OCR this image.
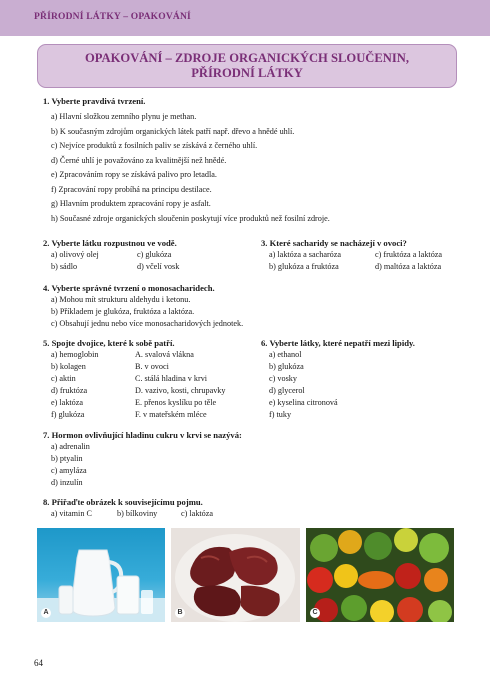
PŘÍRODNÍ LÁTKY – OPAKOVÁNÍ
OPAKOVÁNÍ – ZDROJE ORGANICKÝCH SLOUČENIN,
PŘÍRODNÍ LÁTKY
1. Vyberte pravdivá tvrzení.
a) Hlavní složkou zemního plynu je methan.
b) K současným zdrojům organických látek patří např. dřevo a hnědé uhlí.
c) Nejvíce produktů z fosilních paliv se získává z černého uhlí.
d) Černé uhlí je považováno za kvalitnější než hnědé.
e) Zpracováním ropy se získává palivo pro letadla.
f) Zpracování ropy probíhá na principu destilace.
g) Hlavním produktem zpracování ropy je asfalt.
h) Současné zdroje organických sloučenin poskytují více produktů než fosilní zdroje.
2. Vyberte látku rozpustnou ve vodě.
a) olivový olej	c) glukóza
b) sádlo	d) včelí vosk
3. Které sacharidy se nacházejí v ovoci?
a) laktóza a sacharóza	c) fruktóza a laktóza
b) glukóza a fruktóza	d) maltóza a laktóza
4. Vyberte správné tvrzení o monosacharidech.
a) Mohou mít strukturu aldehydu i ketonu.
b) Příkladem je glukóza, fruktóza a laktóza.
c) Obsahují jednu nebo více monosacharidových jednotek.
5. Spojte dvojice, které k sobě patří.
a) hemoglobin	A. svalová vlákna
b) kolagen	B. v ovoci
c) aktin	C. stálá hladina v krvi
d) fruktóza	D. vazivo, kosti, chrupavky
e) laktóza	E. přenos kyslíku po těle
f) glukóza	F. v mateřském mléce
6. Vyberte látky, které nepatří mezi lipidy.
a) ethanol
b) glukóza
c) vosky
d) glycerol
e) kyselina citronová
f) tuky
7. Hormon ovlivňující hladinu cukru v krvi se nazývá:
a) adrenalin
b) ptyalin
c) amyláza
d) inzulín
8. Přiřaďte obrázek k souvisejícímu pojmu.
a) vitamin C	b) bílkoviny	c) laktóza
A	B	C
64
